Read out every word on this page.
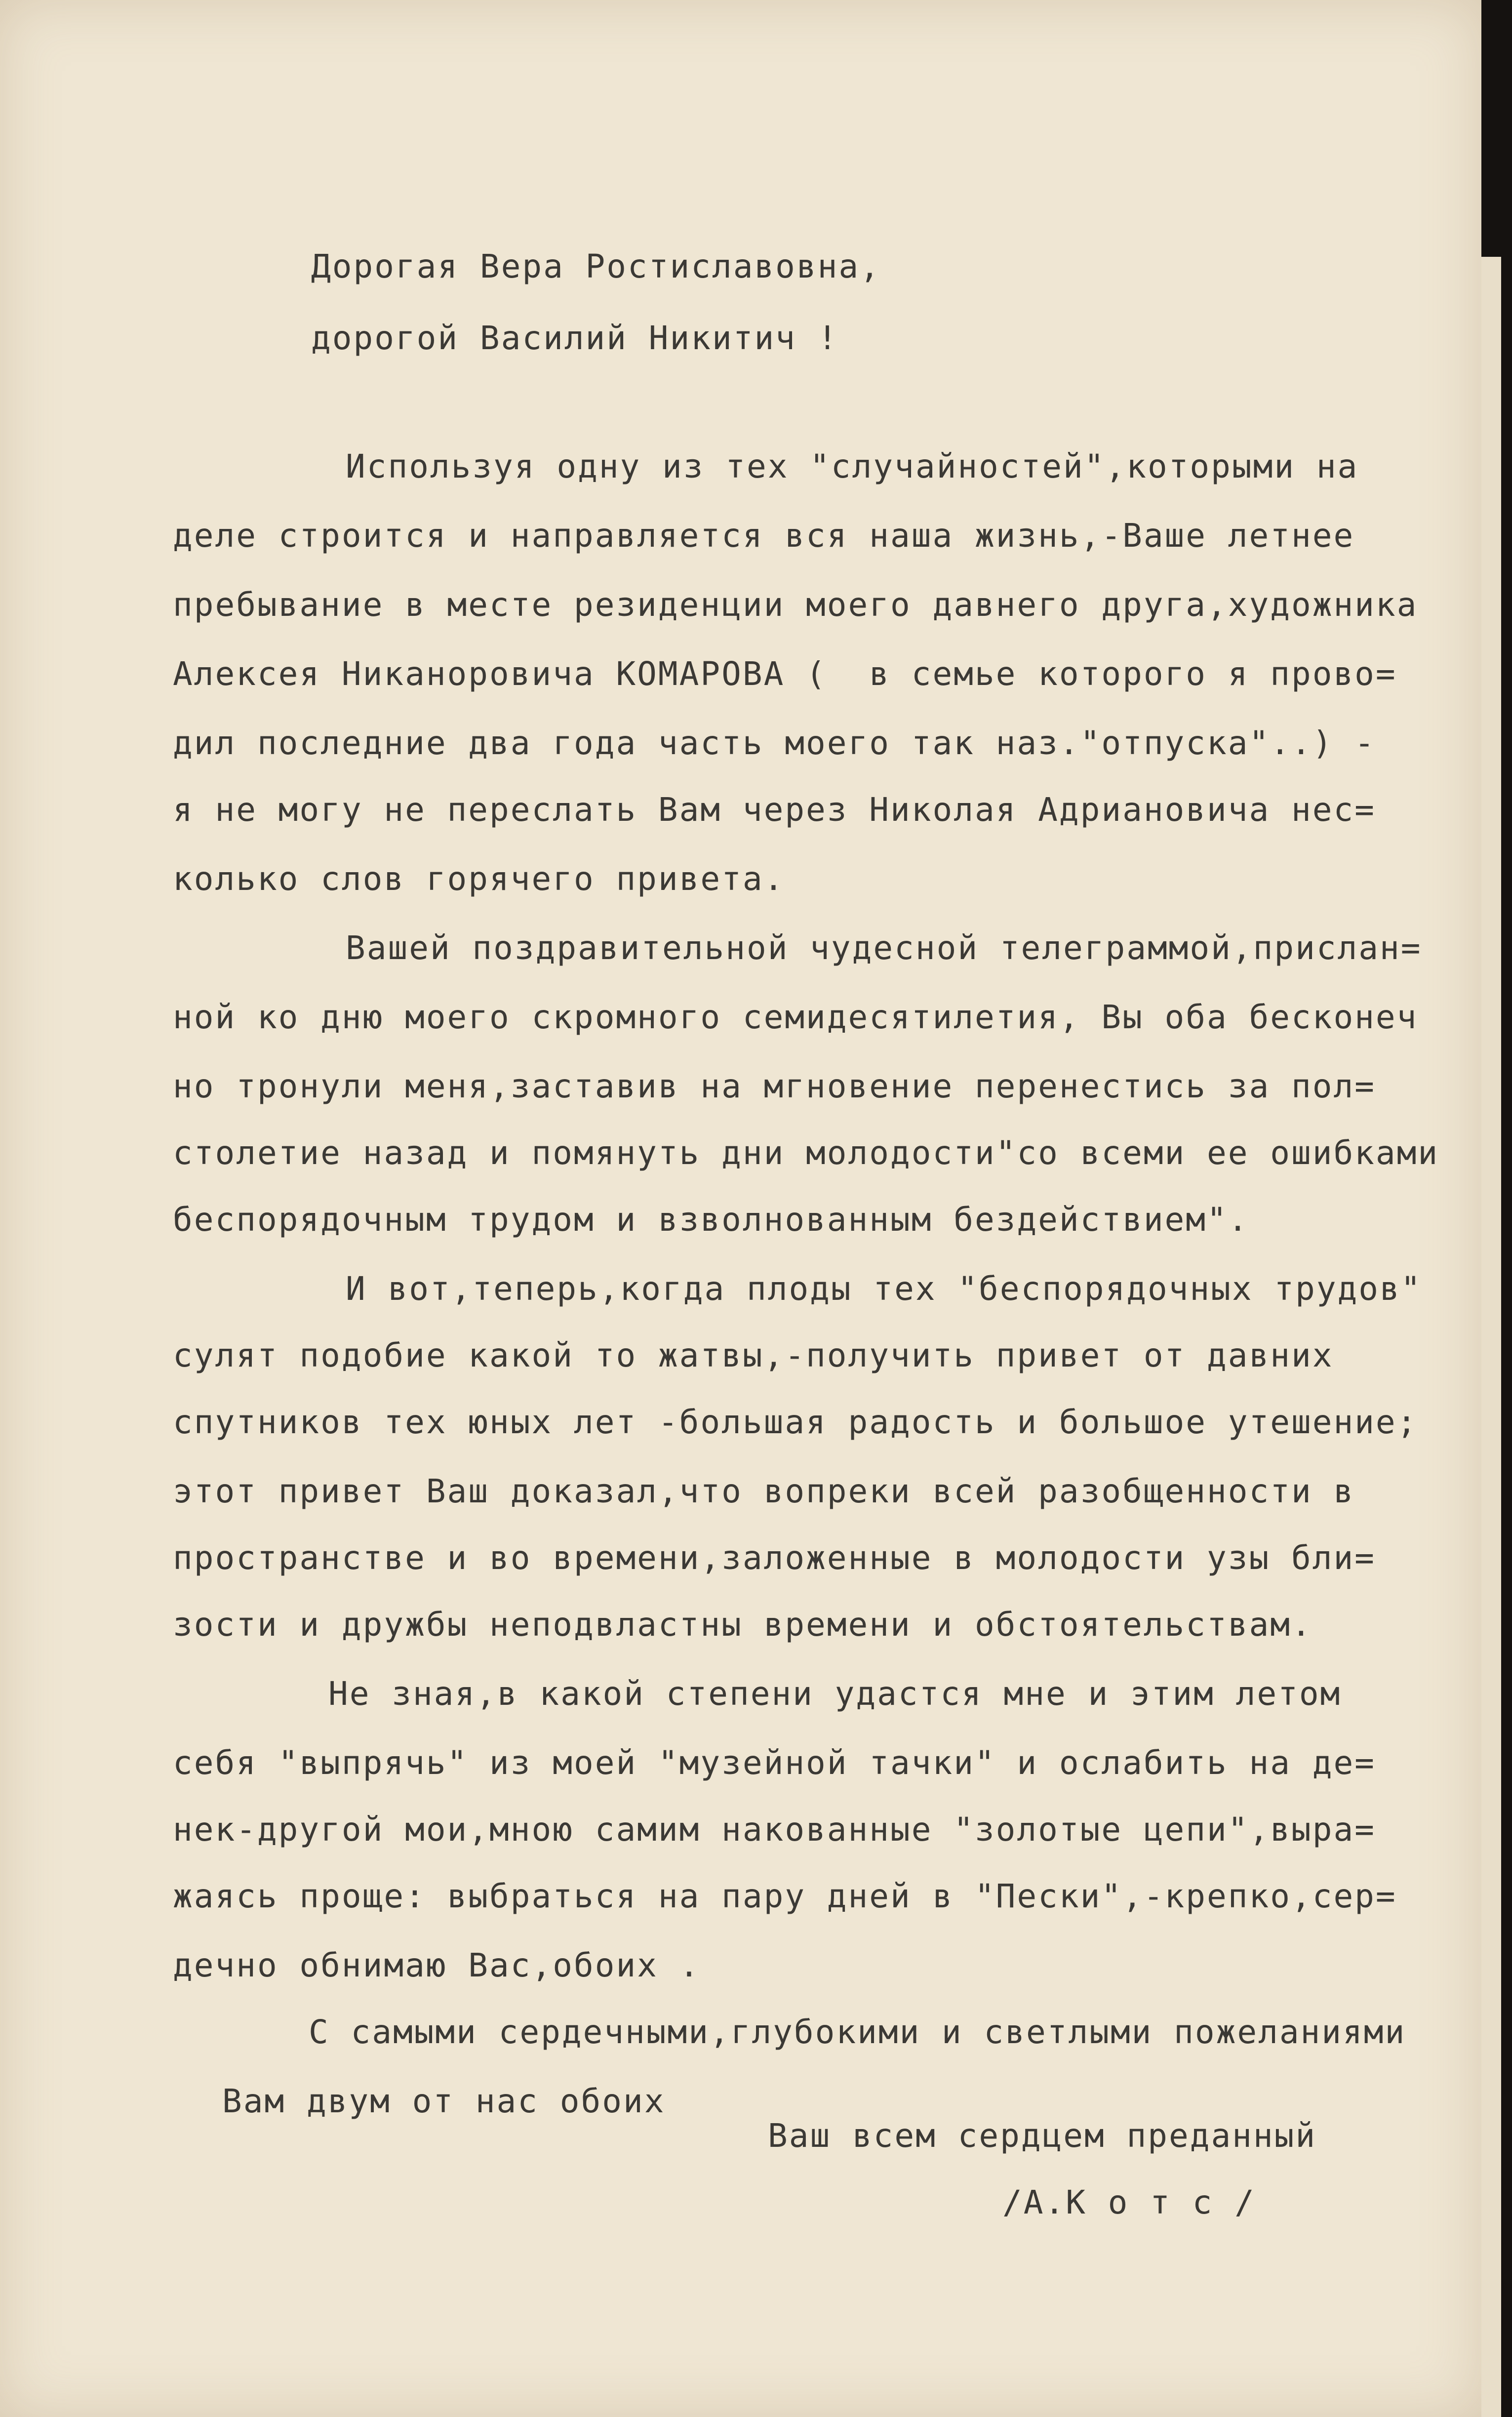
Дорогая Вера Ростиславовна,
дорогой Василий Никитич !
Используя одну из тех "случайностей",которыми на
деле строится и направляется вся наша жизнь,-Ваше летнее
пребывание в месте резиденции моего давнего друга,художника
Алексея Никаноровича КОМАРОВА (  в семье которого я прово=
дил последние два года часть моего так наз."отпуска"..) -
я не могу не переслать Вам через Николая Адриановича нес=
колько слов горячего привета.
Вашей поздравительной чудесной телеграммой,прислан=
ной ко дню моего скромного семидесятилетия, Вы оба бесконеч
но тронули меня,заставив на мгновение перенестись за пол=
столетие назад и помянуть дни молодости"со всеми ее ошибками
беспорядочным трудом и взволнованным бездействием".
И вот,теперь,когда плоды тех "беспорядочных трудов"
сулят подобие какой то жатвы,-получить привет от давних
спутников тех юных лет -большая радость и большое утешение;
этот привет Ваш доказал,что вопреки всей разобщенности в
пространстве и во времени,заложенные в молодости узы бли=
зости и дружбы неподвластны времени и обстоятельствам.
Не зная,в какой степени удастся мне и этим летом
себя "выпрячь" из моей "музейной тачки" и ослабить на де=
нек-другой мои,мною самим накованные "золотые цепи",выра=
жаясь проще: выбраться на пару дней в "Пески",-крепко,сер=
дечно обнимаю Вас,обоих .
С самыми сердечными,глубокими и светлыми пожеланиями
Вам двум от нас обоих
Ваш всем сердцем преданный
/А.К о т с /
